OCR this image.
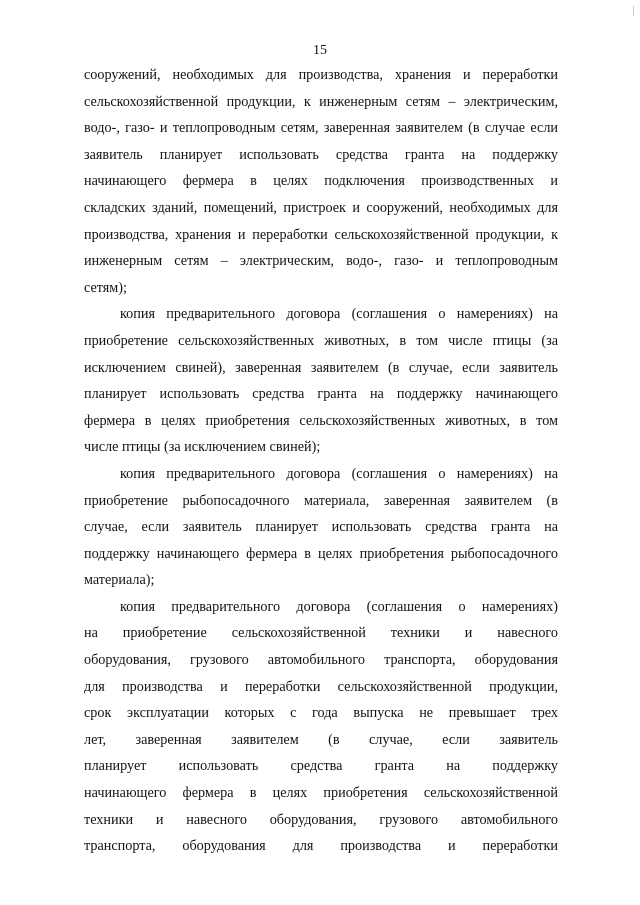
15

сооружений, необходимых для производства, хранения и переработки
сельскохозяйственной продукции, к инженерным сетям – электрическим,
водо-, газо- и теплопроводным сетям, заверенная заявителем (в случае если
заявитель планирует использовать средства гранта на поддержку
начинающего фермера в целях подключения производственных и
складских зданий, помещений, пристроек и сооружений, необходимых для
производства, хранения и переработки сельскохозяйственной продукции, к
инженерным сетям – электрическим, водо-, газо- и теплопроводным
сетям);

копия предварительного договора (соглашения о намерениях) на
приобретение сельскохозяйственных животных, в том числе птицы (за
исключением свиней), заверенная заявителем (в случае, если заявитель
планирует использовать средства гранта на поддержку начинающего
фермера в целях приобретения сельскохозяйственных животных, в том
числе птицы (за исключением свиней);

копия предварительного договора (соглашения о намерениях) на
приобретение рыбопосадочного материала, заверенная заявителем (в
случае, если заявитель планирует использовать средства гранта на
поддержку начинающего фермера в целях приобретения рыбопосадочного
материала);

копия предварительного договора (соглашения о намерениях)
на приобретение сельскохозяйственной техники и навесного
оборудования, грузового автомобильного транспорта, оборудования
для производства и переработки сельскохозяйственной продукции,
срок эксплуатации которых с года выпуска не превышает трех
лет, заверенная заявителем (в случае, если заявитель
планирует использовать средства гранта на поддержку
начинающего фермера в целях приобретения сельскохозяйственной
техники и навесного оборудования, грузового автомобильного
транспорта, оборудования для производства и переработки
